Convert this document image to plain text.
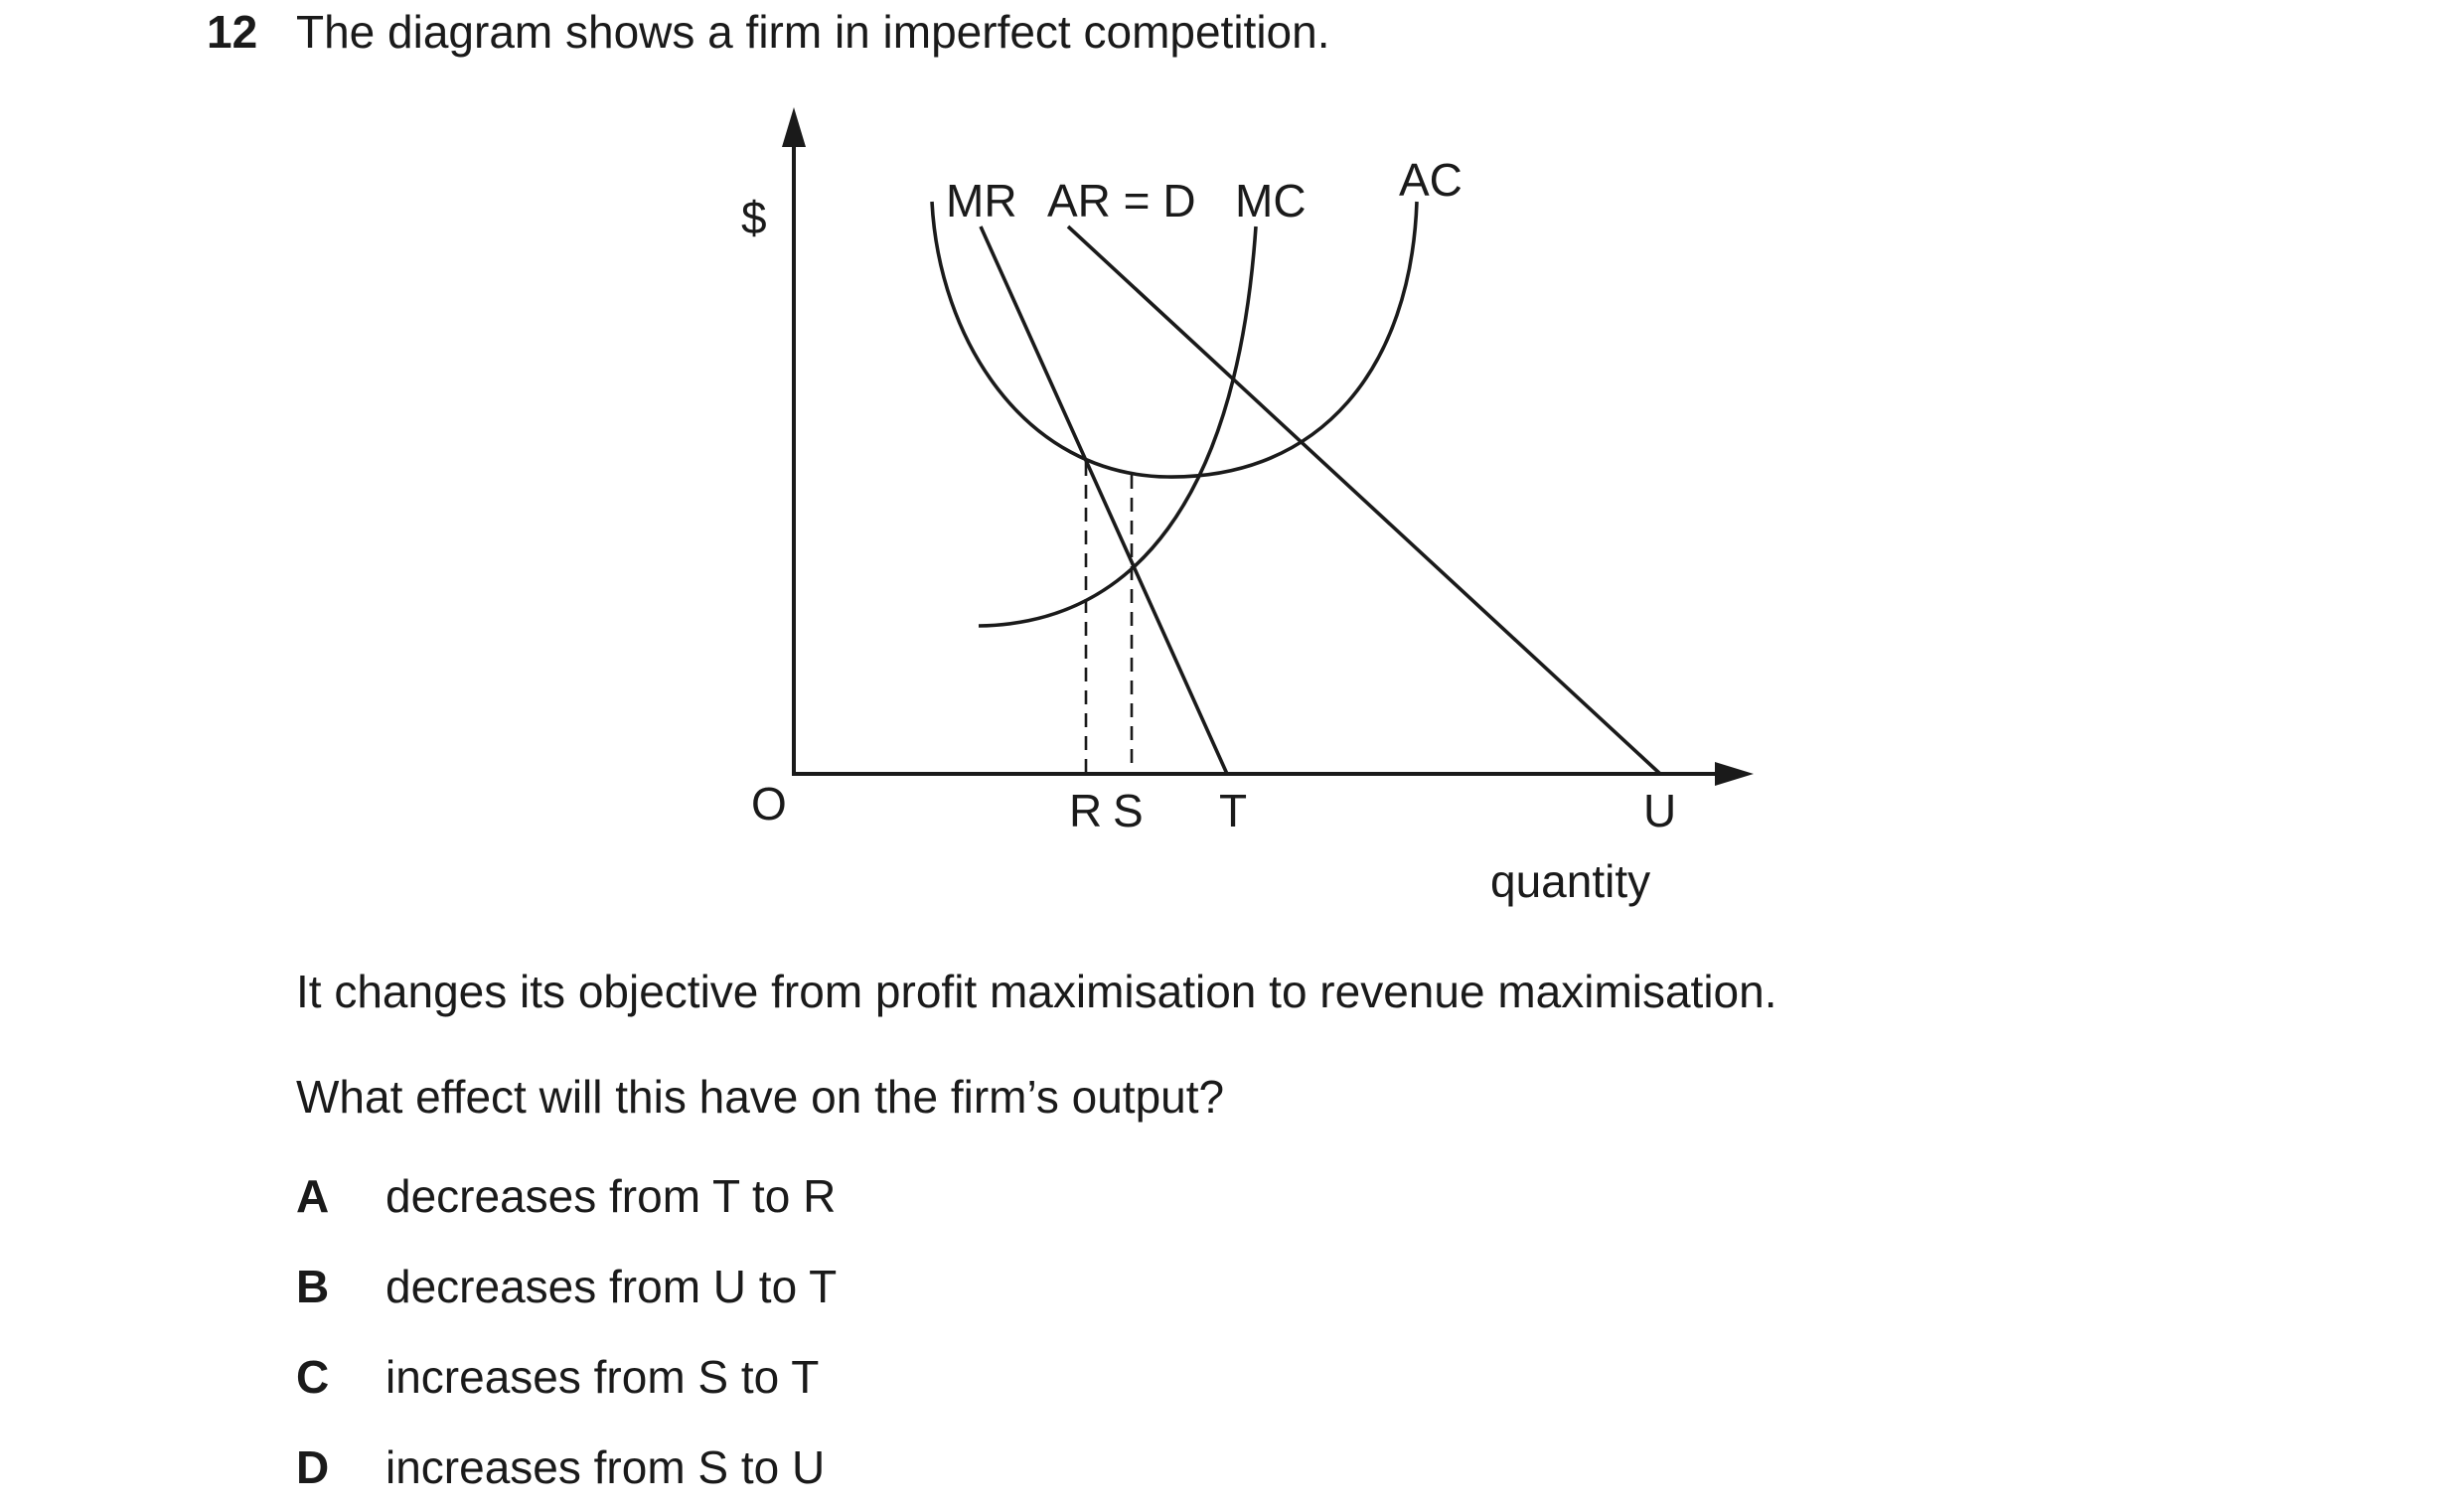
12 The diagram shows a firm in imperfect competition.
$
O
MR AR = D MC AC
R S T	U
quantity
It changes its objective from profit maximisation to revenue maximisation.
What effect will this have on the firm’s output?
A decreases from T to R
B decreases from U to T
C increases from S to T
D increases from S to U
